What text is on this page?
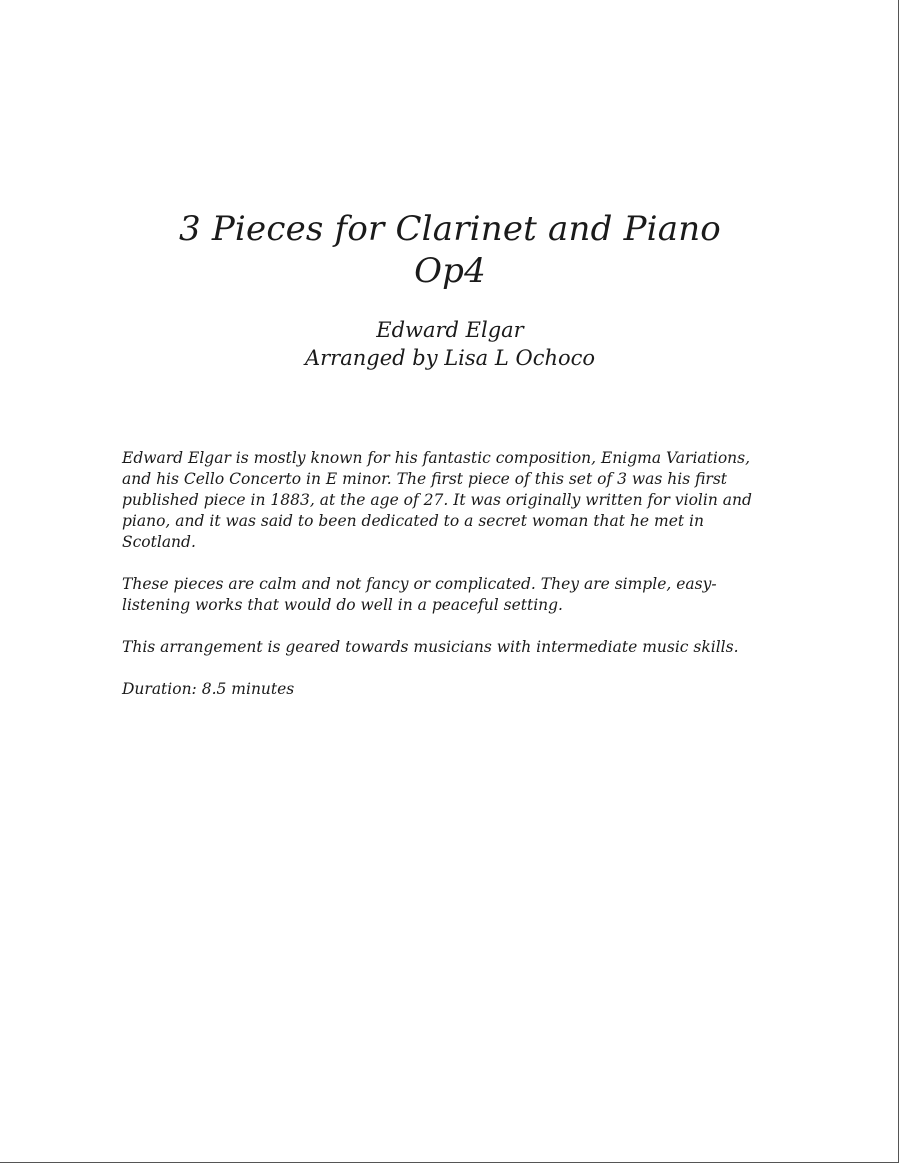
3 Pieces for Clarinet and Piano

Op4

Edward Elgar

Arranged by Lisa L Ochoco

Edward Elgar is mostly known for his fantastic composition, Enigma Variations, and his Cello Concerto in E minor. The first piece of this set of 3 was his first published piece in 1883, at the age of 27. It was originally written for violin and piano, and it was said to been dedicated to a secret woman that he met in Scotland.

These pieces are calm and not fancy or complicated. They are simple, easy-listening works that would do well in a peaceful setting.

This arrangement is geared towards musicians with intermediate music skills.

Duration: 8.5 minutes
